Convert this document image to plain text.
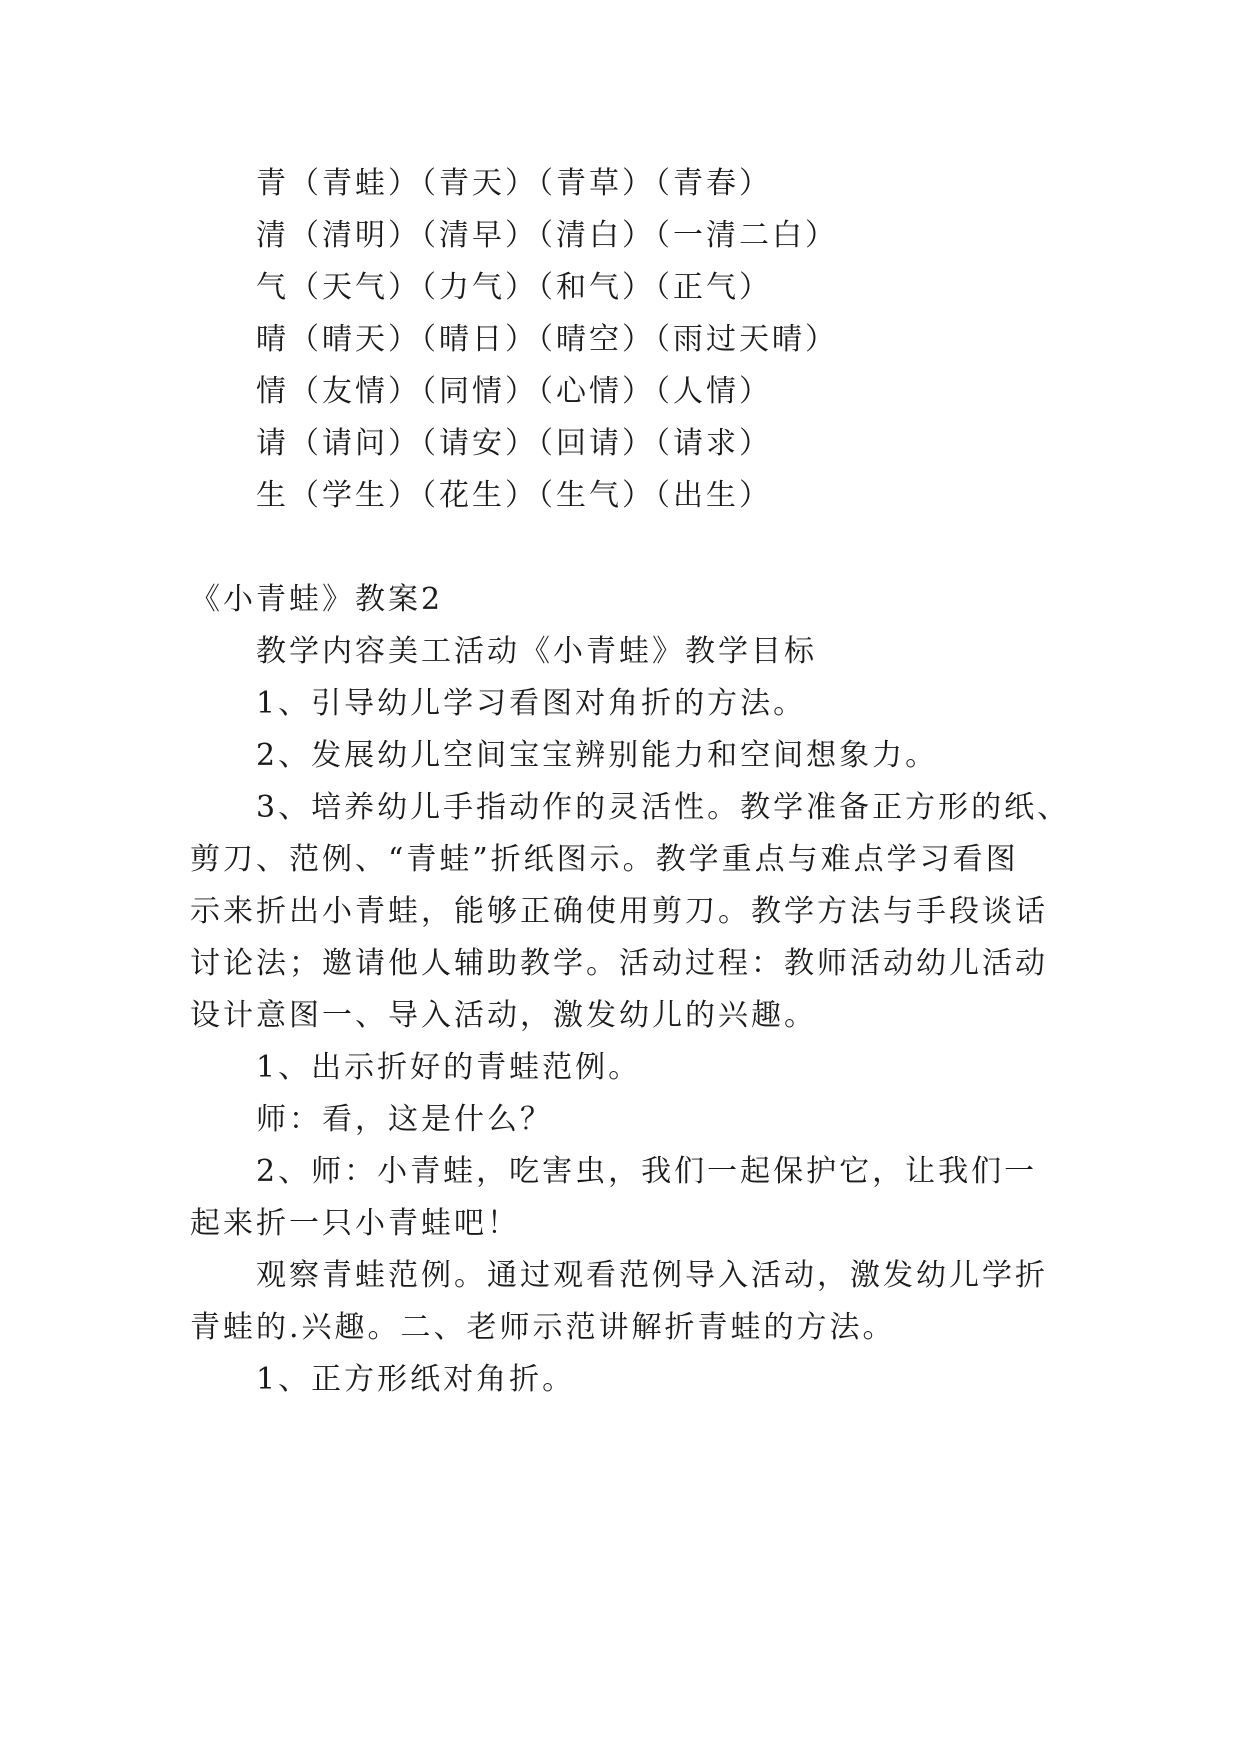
青（青蛙）（青天）（青草）（青春）
清（清明）（清早）（清白）（一清二白）
气（天气）（力气）（和气）（正气）
晴（晴天）（晴日）（晴空）（雨过天晴）
情（友情）（同情）（心情）（人情）
请（请问）（请安）（回请）（请求）
生（学生）（花生）（生气）（出生）
《小青蛙》教案2
教学内容美工活动《小青蛙》教学目标
1、引导幼儿学习看图对角折的方法。
2、发展幼儿空间宝宝辨别能力和空间想象力。
3、培养幼儿手指动作的灵活性。教学准备正方形的纸、
剪刀、范例、“青蛙”折纸图示。教学重点与难点学习看图
示来折出小青蛙，能够正确使用剪刀。教学方法与手段谈话
讨论法；邀请他人辅助教学。活动过程：教师活动幼儿活动
设计意图一、导入活动，激发幼儿的兴趣。
1、出示折好的青蛙范例。
师：看，这是什么？
2、师：小青蛙，吃害虫，我们一起保护它，让我们一
起来折一只小青蛙吧！
观察青蛙范例。通过观看范例导入活动，激发幼儿学折
青蛙的.兴趣。二、老师示范讲解折青蛙的方法。
1、正方形纸对角折。
